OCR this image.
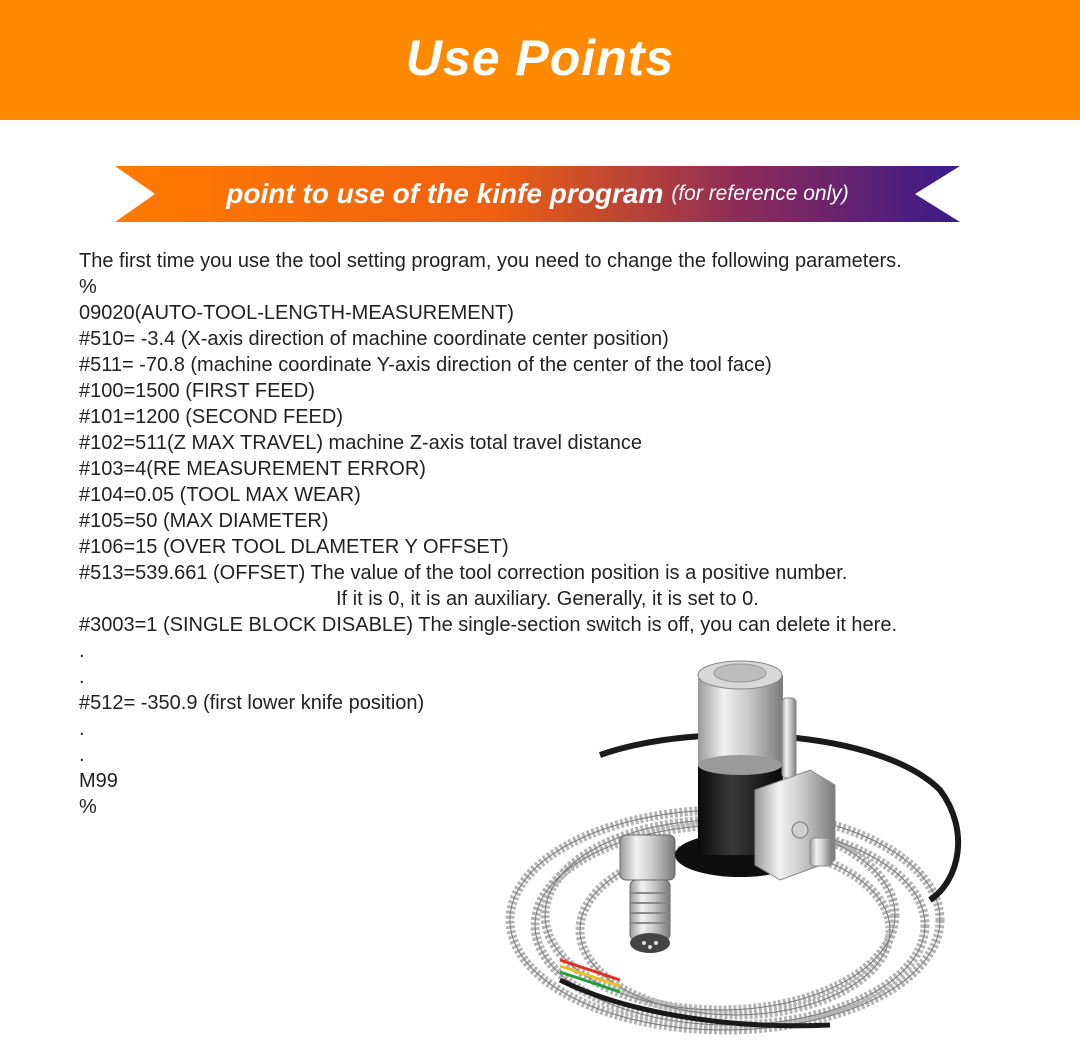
Use Points
point to use of the kinfe program (for reference only)
The first time you use the tool setting program, you need to change the following parameters.
%
09020(AUTO-TOOL-LENGTH-MEASUREMENT)
#510= -3.4 (X-axis direction of machine coordinate center position)
#511= -70.8 (machine coordinate Y-axis direction of the center of the tool face)
#100=1500 (FIRST FEED)
#101=1200 (SECOND FEED)
#102=511(Z MAX TRAVEL) machine Z-axis total travel distance
#103=4(RE MEASUREMENT ERROR)
#104=0.05 (TOOL MAX WEAR)
#105=50 (MAX DIAMETER)
#106=15 (OVER TOOL DLAMETER Y OFFSET)
#513=539.661 (OFFSET) The value of the tool correction position is a positive number.
If it is 0, it is an auxiliary. Generally, it is set to 0.
#3003=1 (SINGLE BLOCK DISABLE) The single-section switch is off, you can delete it here.
.
.
#512= -350.9 (first lower knife position)
.
.
M99
%
